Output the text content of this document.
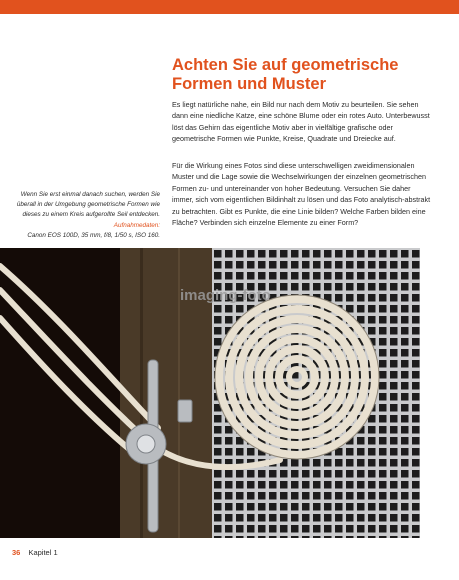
Achten Sie auf geometrische Formen und Muster

Es liegt natürliche nahe, ein Bild nur nach dem Motiv zu beurteilen. Sie sehen dann eine niedliche Katze, eine schöne Blume oder ein rotes Auto. Unterbewusst löst das Gehirn das eigentliche Motiv aber in vielfältige grafische oder geometrische Formen wie Punkte, Kreise, Quadrate und Dreiecke auf.

Für die Wirkung eines Fotos sind diese unterschwelligen zweidimensionalen Muster und die Lage sowie die Wechselwirkungen der einzelnen geometrischen Formen zu- und untereinander von hoher Bedeutung. Versuchen Sie daher immer, sich vom eigentlichen Bildinhalt zu lösen und das Foto analytisch-abstrakt zu betrachten. Gibt es Punkte, die eine Linie bilden? Welche Farben bilden eine Fläche? Verbinden sich einzelne Elemente zu einer Form?

Wenn Sie erst einmal danach suchen, werden Sie überall in der Umgebung geometrische Formen wie dieses zu einem Kreis aufgerollte Seil entdecken. Aufnahmedaten:
Canon EOS 100D, 35 mm, f/8, 1/50 s, ISO 160.

imaging-foto
36 Kapitel 1
